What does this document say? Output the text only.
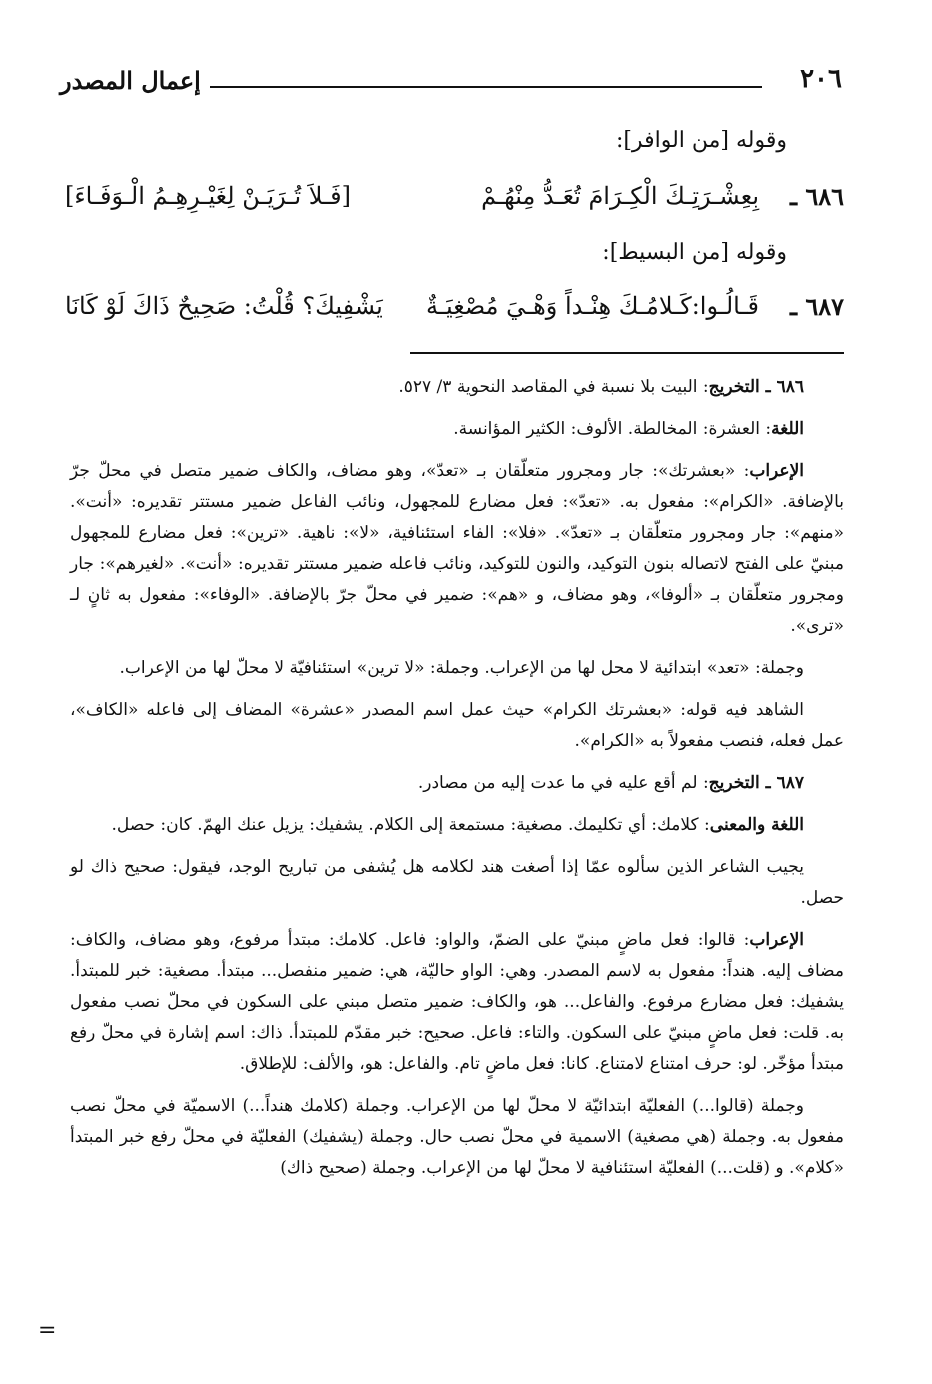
٢٠٦
إعمال المصدر
وقوله [من الوافر]:
٦٨٦ ـ
بِعِشْـرَتِـكَ الْكِـرَامَ تُعَـدُّ مِنْهُـمْ
[فَـلاَ تُـرَيَـنْ لِغَيْـرِهِـمُ الْـوَفَـاءَ]
وقوله [من البسيط]:
٦٨٧ ـ
قَـالُـوا:كَـلامُـكَ هِنْـداً وَهْـيَ مُصْغِيَـةٌ
يَشْفِيكَ؟ قُلْتُ: صَحِيحٌ ذَاكَ لَوْ كَانَا

٦٨٦ ـ التخريج: البيت بلا نسبة في المقاصد النحوية ٣/ ٥٢٧.

اللغة: العشرة: المخالطة. الألوف: الكثير المؤانسة.

الإعراب: «بعشرتك»: جار ومجرور متعلّقان بـ «تعدّ»، وهو مضاف، والكاف ضمير متصل في محلّ جرّ بالإضافة. «الكرام»: مفعول به. «تعدّ»: فعل مضارع للمجهول، ونائب الفاعل ضمير مستتر تقديره: «أنت». «منهم»: جار ومجرور متعلّقان بـ «تعدّ». «فلا»: الفاء استئنافية، «لا»: ناهية. «ترين»: فعل مضارع للمجهول مبنيّ على الفتح لاتصاله بنون التوكيد، والنون للتوكيد، ونائب فاعله ضمير مستتر تقديره: «أنت». «لغيرهم»: جار ومجرور متعلّقان بـ «ألوفا»، وهو مضاف، و «هم»: ضمير في محلّ جرّ بالإضافة. «الوفاء»: مفعول به ثانٍ لـ «ترى».

وجملة: «تعد» ابتدائية لا محل لها من الإعراب. وجملة: «لا ترين» استئنافيّة لا محلّ لها من الإعراب.

الشاهد فيه قوله: «بعشرتك الكرام» حيث عمل اسم المصدر «عشرة» المضاف إلى فاعله «الكاف»، عمل فعله، فنصب مفعولاً به «الكرام».

٦٨٧ ـ التخريج: لم أقع عليه في ما عدت إليه من مصادر.

اللغة والمعنى: كلامك: أي تكليمك. مصغية: مستمعة إلى الكلام. يشفيك: يزيل عنك الهمّ. كان: حصل.

يجيب الشاعر الذين سألوه عمّا إذا أصغت هند لكلامه هل يُشفى من تباريح الوجد، فيقول: صحيح ذاك لو حصل.

الإعراب: قالوا: فعل ماضٍ مبنيّ على الضمّ، والواو: فاعل. كلامك: مبتدأ مرفوع، وهو مضاف، والكاف: مضاف إليه. هنداً: مفعول به لاسم المصدر. وهي: الواو حاليّة، هي: ضمير منفصل... مبتدأ. مصغية: خبر للمبتدأ. يشفيك: فعل مضارع مرفوع. والفاعل... هو، والكاف: ضمير متصل مبني على السكون في محلّ نصب مفعول به. قلت: فعل ماضٍ مبنيّ على السكون. والتاء: فاعل. صحيح: خبر مقدّم للمبتدأ. ذاك: اسم إشارة في محلّ رفع مبتدأ مؤخّر. لو: حرف امتناع لامتناع. كانا: فعل ماضٍ تام. والفاعل: هو، والألف: للإطلاق.

وجملة (قالوا...) الفعليّة ابتدائيّة لا محلّ لها من الإعراب. وجملة (كلامك هنداً...) الاسميّة في محلّ نصب مفعول به. وجملة (هي مصغية) الاسمية في محلّ نصب حال. وجملة (يشفيك) الفعليّة في محلّ رفع خبر المبتدأ «كلام». و (قلت...) الفعليّة استئنافية لا محلّ لها من الإعراب. وجملة (صحيح ذاك)

=
